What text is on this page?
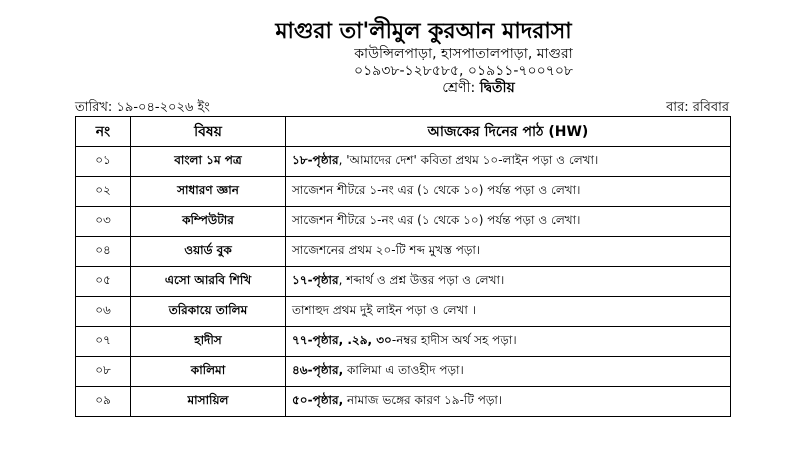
মাগুরা তা'লীমুল কুরআন মাদরাসা
কাউন্সিলপাড়া, হাসপাতালপাড়া, মাগুরা
০১৯৩৮-১২৮৫৮৫, ০১৯১১-৭০০৭০৮
শ্রেণী: দ্বিতীয়
তারিখ: ১৯-০৪-২০২৬ ইং	বার: রবিবার
নং	বিষয়	আজকের দিনের পাঠ (HW)
০১	বাংলা ১ম পত্র	১৮-পৃষ্ঠার, 'আমাদের দেশ' কবিতা প্রথম ১০-লাইন পড়া ও লেখা।
০২	সাধারণ জ্ঞান	সাজেশন শীটরে ১-নং এর (১ থেকে ১০) পর্যন্ত পড়া ও লেখা।
০৩	কম্পিউটার	সাজেশন শীটরে ১-নং এর (১ থেকে ১০) পর্যন্ত পড়া ও লেখা।
০৪	ওয়ার্ড বুক	সাজেশনের প্রথম ২০-টি শব্দ মুখস্ত পড়া।
০৫	এসো আরবি শিখি	১৭-পৃষ্ঠার, শব্দার্থ ও প্রশ্ন উত্তর পড়া ও লেখা।
০৬	তরিকায়ে তালিম	তাশাহুদ প্রথম দুই লাইন পড়া ও লেখা ।
০৭	হাদীস	৭৭-পৃষ্ঠার, .২৯, ৩০-নম্বর হাদীস অর্থ সহ পড়া।
০৮	কালিমা	৪৬-পৃষ্ঠার, কালিমা এ তাওহীদ পড়া।
০৯	মাসায়িল	৫০-পৃষ্ঠার, নামাজ ভঙ্গের কারণ ১৯-টি পড়া।
